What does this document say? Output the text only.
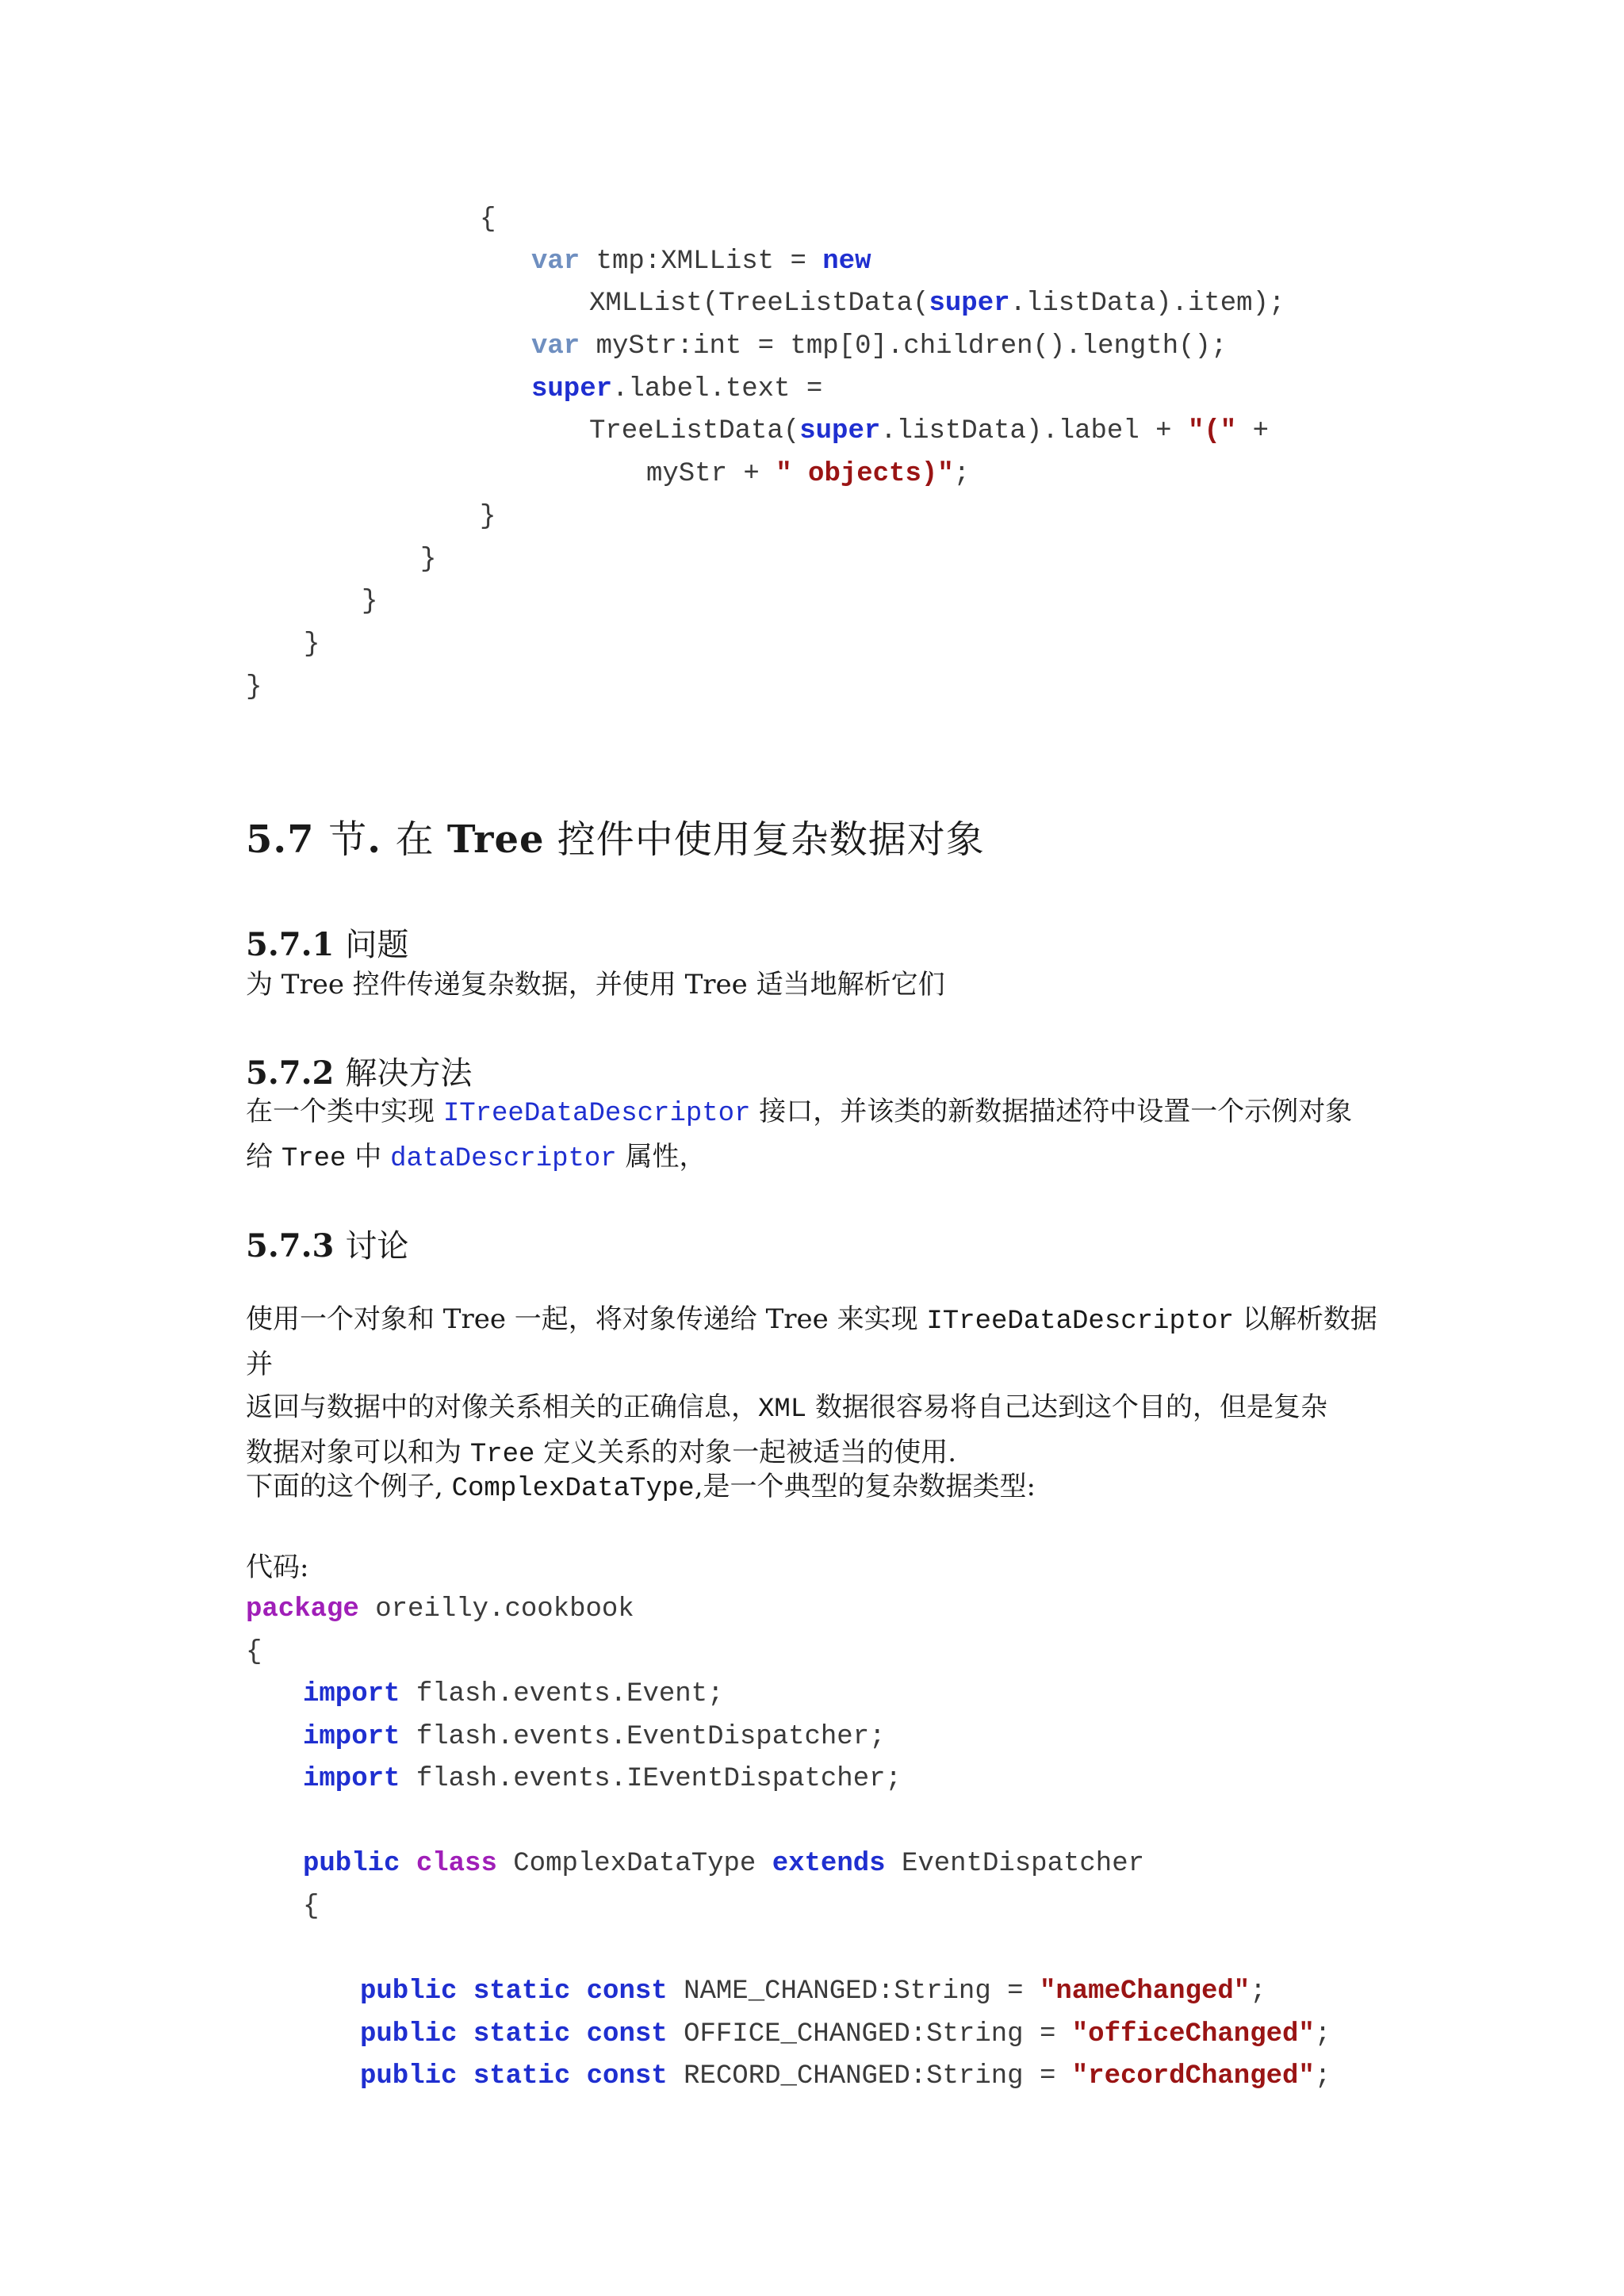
{
var tmp:XMLList = new
XMLList(TreeListData(super.listData).item);
var myStr:int = tmp[0].children().length();
super.label.text =
TreeListData(super.listData).label + "(" +
myStr + " objects)";
}
}
}
}
}
5.7 节. 在 Tree 控件中使用复杂数据对象
5.7.1 问题

为 Tree 控件传递复杂数据，并使用 Tree 适当地解析它们

5.7.2 解决方法

在一个类中实现 ITreeDataDescriptor 接口，并该类的新数据描述符中设置一个示例对象
给 Tree 中 dataDescriptor 属性，

5.7.3 讨论

使用一个对象和 Tree 一起，将对象传递给 Tree 来实现 ITreeDataDescriptor 以解析数据并
返回与数据中的对像关系相关的正确信息，XML 数据很容易将自己达到这个目的，但是复杂
数据对象可以和为 Tree 定义关系的对象一起被适当的使用.

下面的这个例子, ComplexDataType,是一个典型的复杂数据类型:

代码:

package oreilly.cookbook
{
import flash.events.Event;
import flash.events.EventDispatcher;
import flash.events.IEventDispatcher;
public class ComplexDataType extends EventDispatcher
{
public static const NAME_CHANGED:String = "nameChanged";
public static const OFFICE_CHANGED:String = "officeChanged";
public static const RECORD_CHANGED:String = "recordChanged";
